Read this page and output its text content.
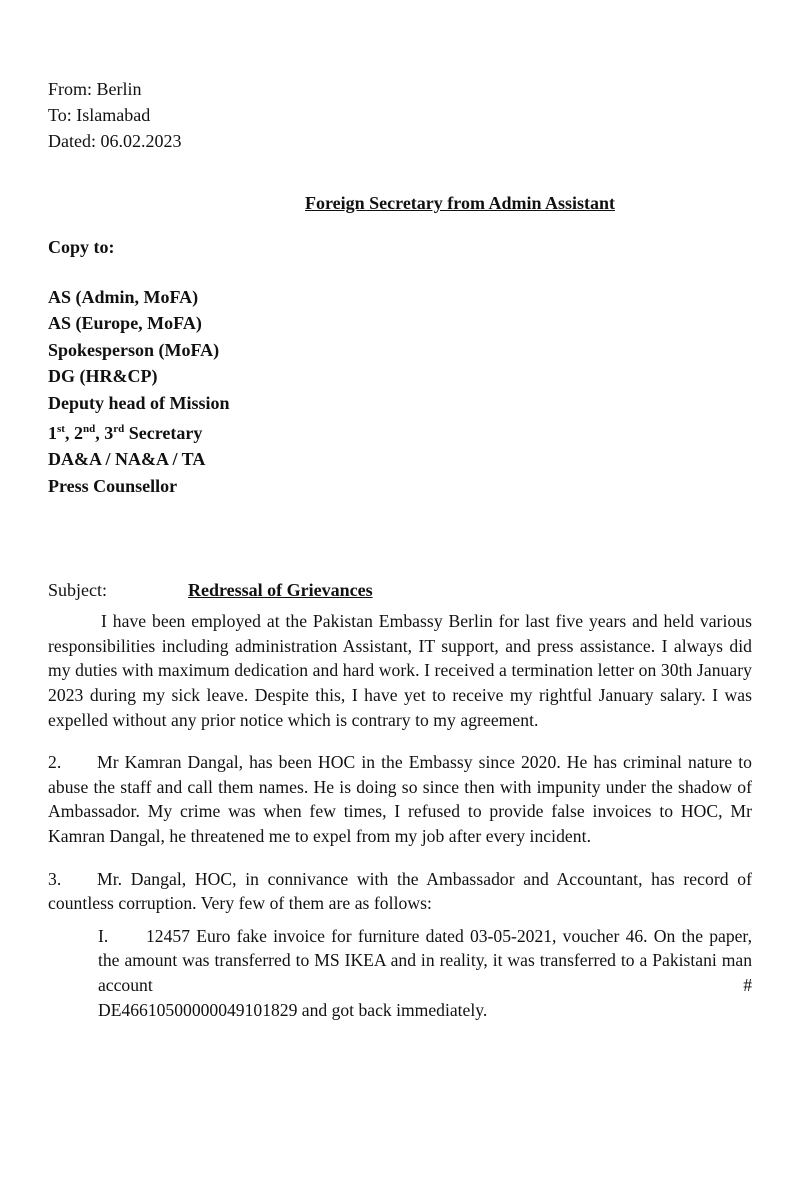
From: Berlin
To: Islamabad
Dated: 06.02.2023
Foreign Secretary from Admin Assistant
Copy to:
AS (Admin, MoFA)
AS (Europe, MoFA)
Spokesperson (MoFA)
DG (HR&CP)
Deputy head of Mission
1st, 2nd, 3rd Secretary
DA&A / NA&A / TA
Press Counsellor
Subject:	Redressal of Grievances

I have been employed at the Pakistan Embassy Berlin for last five years and held various responsibilities including administration Assistant, IT support, and press assistance. I always did my duties with maximum dedication and hard work. I received a termination letter on 30th January 2023 during my sick leave. Despite this, I have yet to receive my rightful January salary. I was expelled without any prior notice which is contrary to my agreement.

2. Mr Kamran Dangal, has been HOC in the Embassy since 2020. He has criminal nature to abuse the staff and call them names. He is doing so since then with impunity under the shadow of Ambassador. My crime was when few times, I refused to provide false invoices to HOC, Mr Kamran Dangal, he threatened me to expel from my job after every incident.

3. Mr. Dangal, HOC, in connivance with the Ambassador and Accountant, has record of countless corruption. Very few of them are as follows:

I. 12457 Euro fake invoice for furniture dated 03-05-2021, voucher 46. On the paper, the amount was transferred to MS IKEA and in reality, it was transferred to a Pakistani man account #
DE46610500000049101829 and got back immediately.
